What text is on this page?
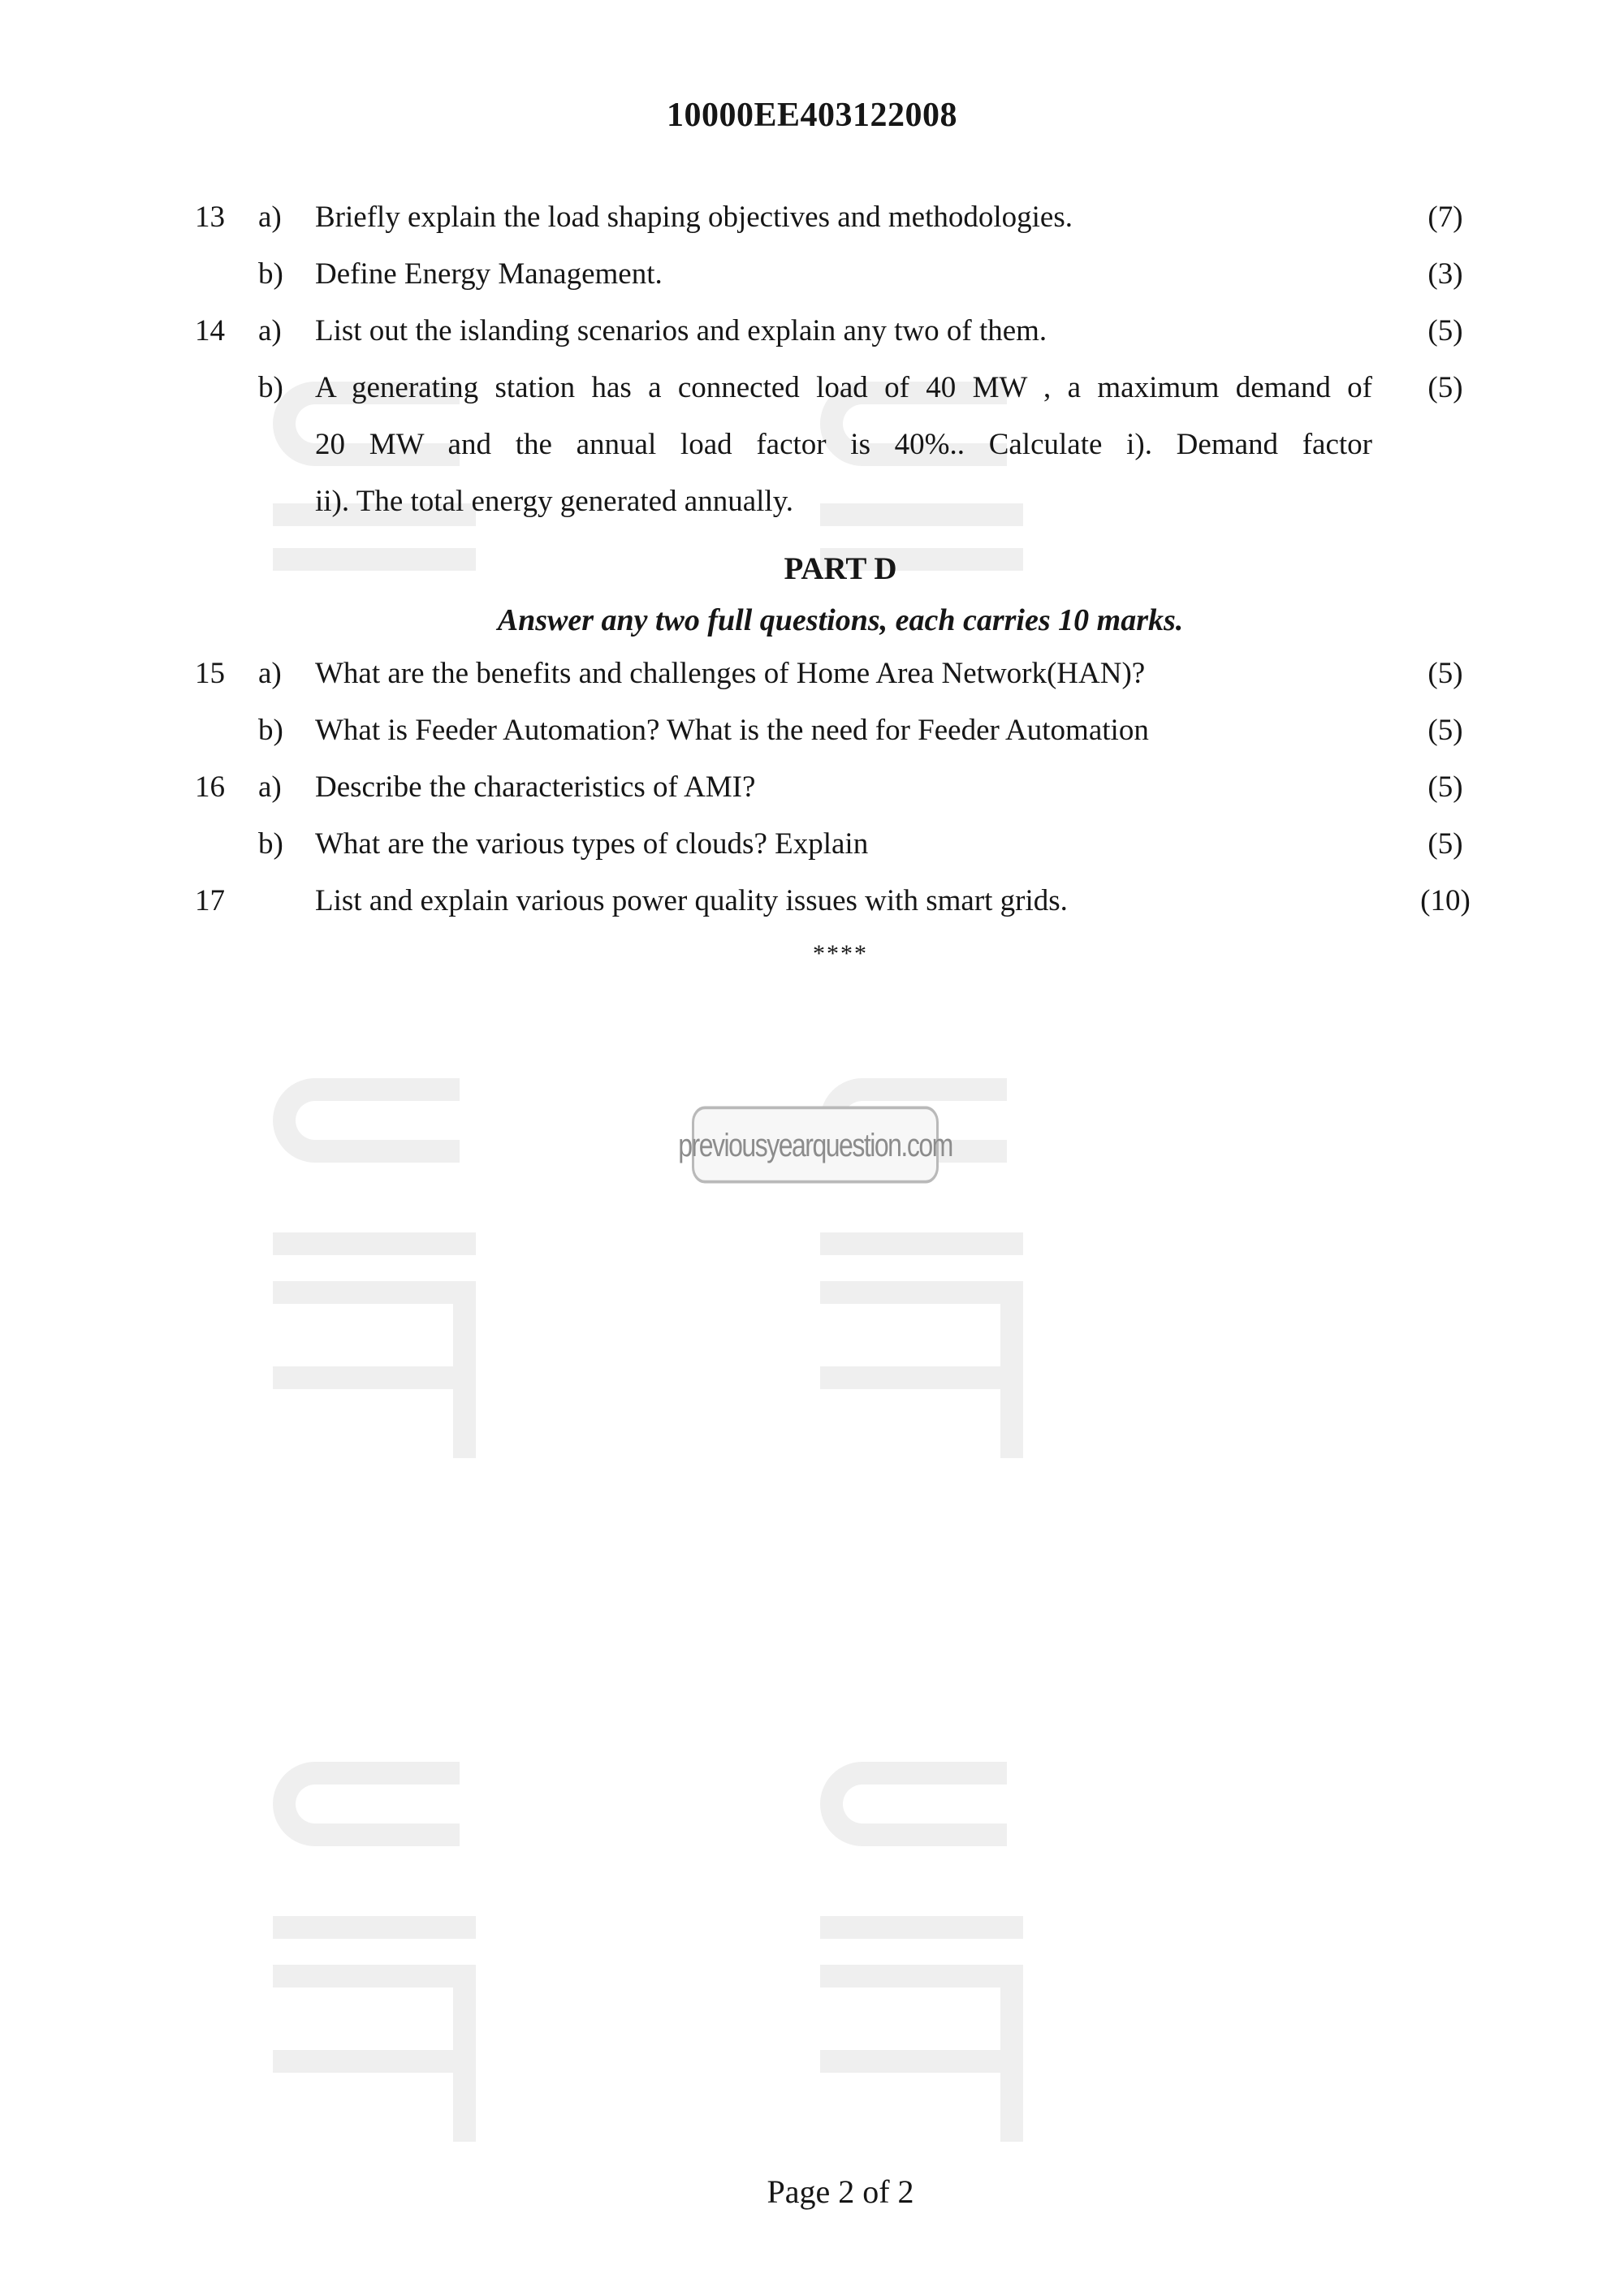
10000EE403122008
13 a) Briefly explain the load shaping objectives and methodologies.	(7)
b) Define Energy Management.	(3)
14 a) List out the islanding scenarios and explain any two of them.	(5)
b) A generating station has a connected load of 40 MW , a maximum demand of (5)
20 MW and the annual load factor is 40%.. Calculate i). Demand factor
ii). The total energy generated annually.
PART D
Answer any two full questions, each carries 10 marks.
15 a) What are the benefits and challenges of Home Area Network(HAN)?	(5)
b) What is Feeder Automation? What is the need for Feeder Automation	(5)
16 a) Describe the characteristics of AMI?	(5)
b) What are the various types of clouds? Explain	(5)
17	List and explain various power quality issues with smart grids.	(10)
****
previousyearquestion.com
Page 2 of 2
